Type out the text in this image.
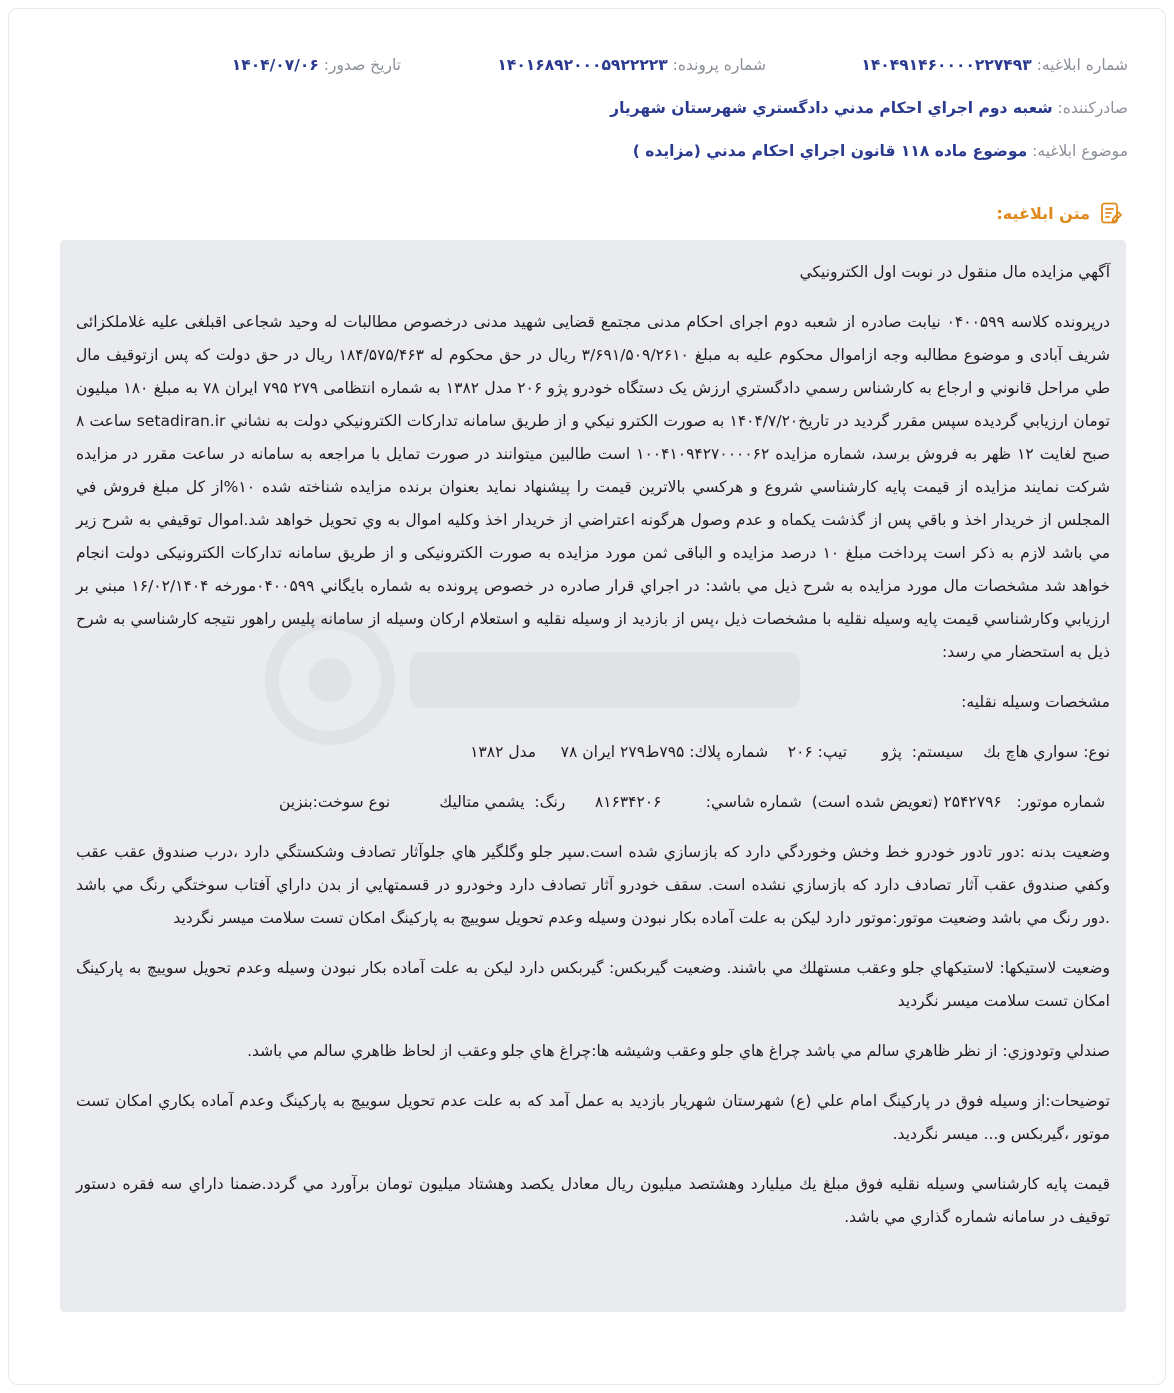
شماره ابلاغيه: ۱۴۰۴۹۱۴۶۰۰۰۰۲۲۷۴۹۳
شماره پرونده: ۱۴۰۱۶۸۹۲۰۰۰۵۹۲۲۲۲۳
تاريخ صدور: ۱۴۰۴/۰۷/۰۶
صادرکننده: شعبه دوم اجراي احكام مدني دادگستري شهرستان شهريار
موضوع ابلاغيه: موضوع ماده ۱۱۸ قانون اجراي احكام مدني (مزايده )
متن ابلاغيه:

آگهي مزايده مال منقول در نوبت اول الكترونيكي

درپرونده کلاسه ۰۴۰۰۵۹۹ نیابت صادره از شعبه دوم اجرای احکام مدنی مجتمع قضایی شهید مدنی درخصوص مطالبات له وحید شجاعی اقبلغی علیه غلاملکزائی شریف آبادی و موضوع مطالبه وجه ازاموال محکوم علیه به مبلغ ۳/۶۹۱/۵۰۹/۲۶۱۰ ريال در حق محکوم له ۱۸۴/۵۷۵/۴۶۳ ريال در حق دولت كه پس ازتوقيف مال طي مراحل قانوني و ارجاع به كارشناس رسمي دادگستري ارزش یک دستگاه خودرو پژو ۲۰۶ مدل ۱۳۸۲ به شماره انتظامی ۲۷۹ ۷۹۵ ایران ۷۸ به مبلغ ۱۸۰ میلیون تومان ارزيابي گرديده سپس مقرر گرديد در تاريخ۱۴۰۴/۷/۲۰ به صورت الكترو نيكي و از طريق سامانه تداركات الكترونيكي دولت به نشاني setadiran.ir ساعت ۸ صبح لغايت ۱۲ ظهر به فروش برسد، شماره مزایده ۱۰۰۴۱۰۹۴۲۷۰۰۰۰۶۲ است طالبين ميتوانند در صورت تمايل با مراجعه به سامانه در ساعت مقرر در مزايده شركت نمايند مزايده از قيمت پايه كارشناسي شروع و هركسي بالاترين قيمت را پيشنهاد نمايد بعنوان برنده مزايده شناخته شده ۱۰%از كل مبلغ فروش في المجلس از خريدار اخذ و باقي پس از گذشت يكماه و عدم وصول هرگونه اعتراضي از خريدار اخذ وكليه اموال به وي تحويل خواهد شد.اموال توقيفي به شرح زير مي باشد لازم به ذکر است پرداخت مبلغ ۱۰ درصد مزایده و الباقی ثمن مورد مزایده به صورت الکترونیکی و از طریق سامانه تدارکات الکترونیکی دولت انجام خواهد شد مشخصات مال مورد مزايده به شرح ذيل مي باشد: در اجراي قرار صادره در خصوص پرونده به شماره بايگاني ۰۴۰۰۵۹۹مورخه ۱۶/۰۲/۱۴۰۴ مبني بر ارزيابي وكارشناسي قيمت پايه وسيله نقليه با مشخصات ذيل ،پس از بازديد از وسيله نقليه و استعلام اركان وسيله از سامانه پليس راهور نتيجه كارشناسي به شرح ذيل به استحضار مي رسد:

مشخصات وسيله نقليه:

نوع: سواري هاچ بك    سيستم:  پژو       تيپ: ۲۰۶    شماره پلاك: ۷۹۵ط۲۷۹ ايران ۷۸     مدل ۱۳۸۲
شماره موتور:   ۲۵۴۲۷۹۶ (تعويض شده است)  شماره شاسي:         ۸۱۶۳۴۲۰۶      رنگ:  يشمي متاليك          نوع سوخت:بنزين

وضعيت بدنه :دور تادور خودرو خط وخش وخوردگي دارد كه بازسازي شده است.سپر جلو وگلگير هاي جلوآثار تصادف وشكستگي دارد ،درب صندوق عقب عقب وكفي صندوق عقب آثار تصادف دارد كه بازسازي نشده است. سقف خودرو آثار تصادف دارد وخودرو در قسمتهايي از بدن داراي آفتاب سوختگي رنگ مي باشد .دور رنگ مي باشد وضعيت موتور:موتور دارد ليكن به علت آماده بكار نبودن وسيله وعدم تحويل سوييچ به پاركينگ امكان تست سلامت ميسر نگرديد

وضعيت لاستيكها: لاستيكهاي جلو وعقب مستهلك مي باشند. وضعيت گيربكس: گيربكس دارد ليكن به علت آماده بكار نبودن وسيله وعدم تحويل سوييچ به پاركينگ امكان تست سلامت ميسر نگرديد

صندلي وتودوزي: از نظر ظاهري سالم مي باشد چراغ هاي جلو وعقب وشيشه ها:چراغ هاي جلو وعقب از لحاظ ظاهري سالم مي باشد.

توضيحات:از وسيله فوق در پاركينگ امام علي (ع) شهرستان شهريار بازديد به عمل آمد كه به علت عدم تحويل سوييچ به پاركينگ وعدم آماده بكاري امكان تست موتور ،گيربكس و... ميسر نگرديد.

قيمت پايه كارشناسي وسيله نقليه فوق مبلغ يك ميليارد وهشتصد ميليون ريال معادل يكصد وهشتاد ميليون تومان برآورد مي گردد.ضمنا داراي سه فقره دستور توقيف در سامانه شماره گذاري مي باشد.
